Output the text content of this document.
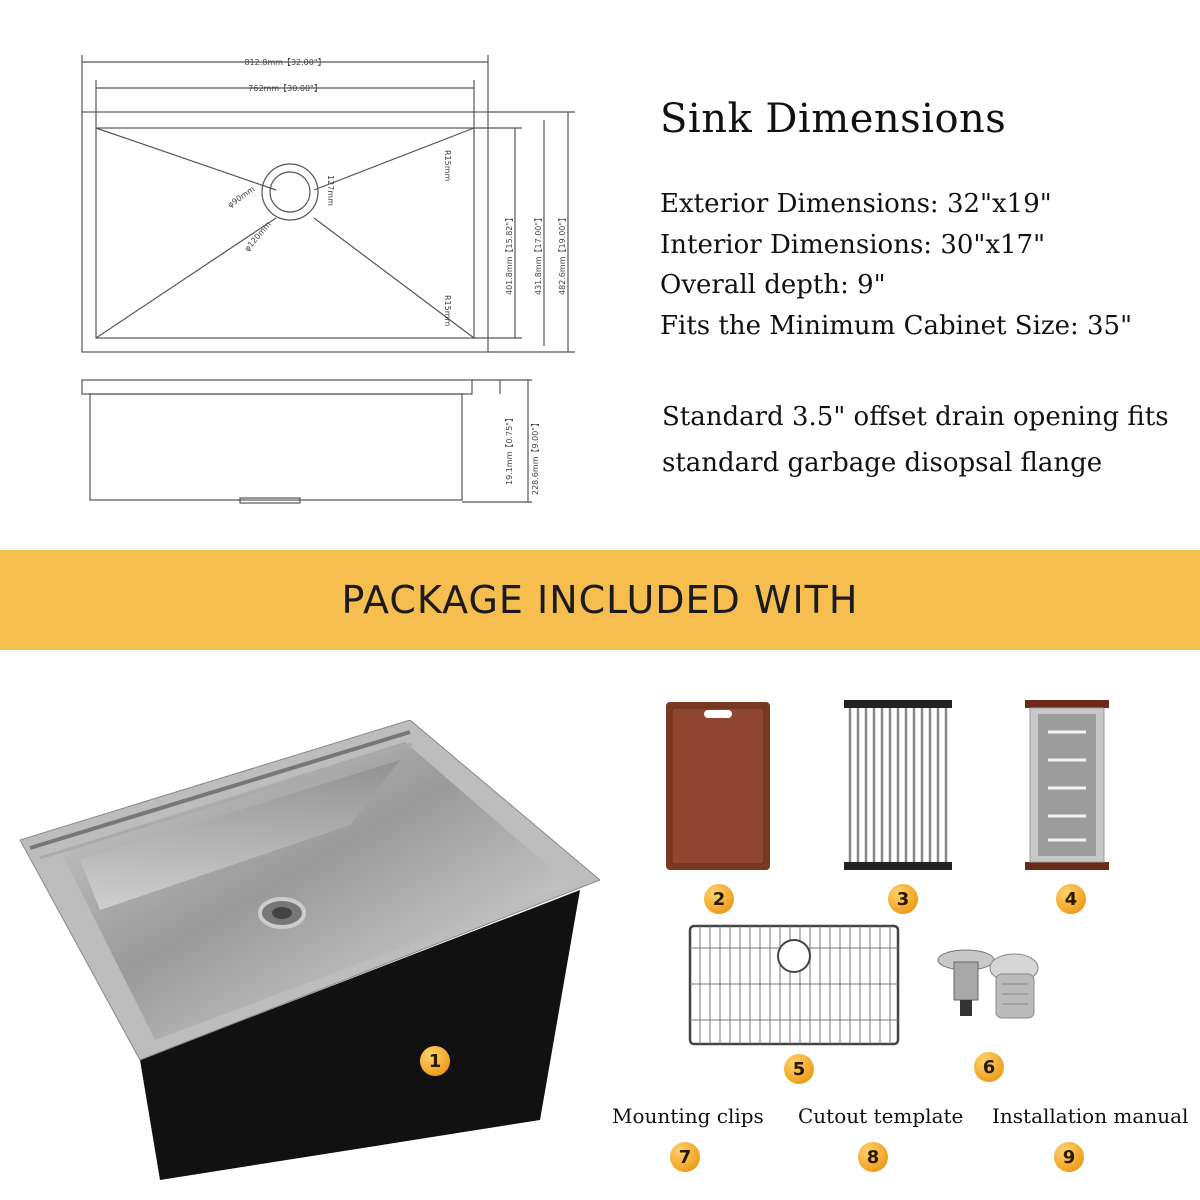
812.8mm【32.00"】
762mm【30.00"】
127mm
φ90mm
φ120mm
R15mm
R15mm
401.8mm【15.82"】	431.8mm【17.00"】 482.6mm【19.00"】
19.1mm【0.75"】 228.6mm【9.00"】
Sink Dimensions
Exterior Dimensions: 32"x19"
Interior Dimensions: 30"x17"
Overall depth: 9"
Fits the Minimum Cabinet Size: 35"
Standard 3.5" offset drain opening fits
standard garbage disopsal flange
PACKAGE INCLUDED WITH
1
2	3	4
5	6
Mounting clips
7
Cutout template
8
Installation manual
9
